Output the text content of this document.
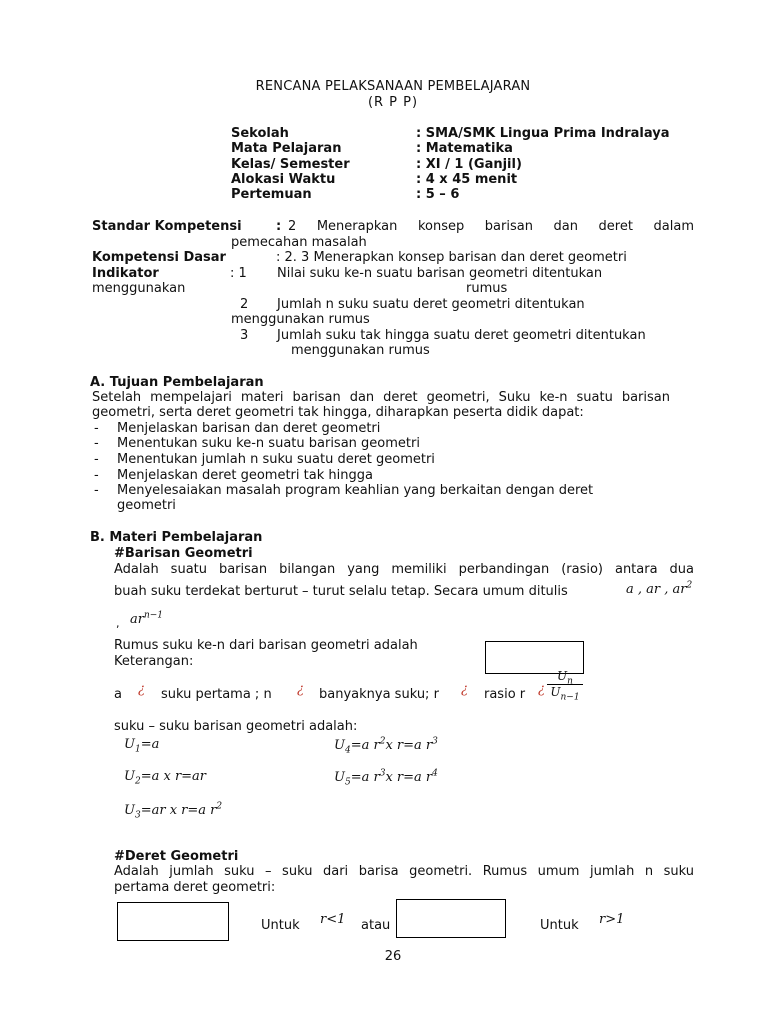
RENCANA PELAKSANAAN PEMBELAJARAN
(R P P)
Sekolah	: SMA/SMK Lingua Prima Indralaya
Mata Pelajaran	: Matematika
Kelas/ Semester	: XI / 1 (Ganjil)
Alokasi Waktu	: 4 x 45 menit
Pertemuan	: 5 – 6
Standar Kompetensi	: 2 Menerapkan konsep barisan dan deret dalam
pemecahan masalah
Kompetensi Dasar	: 2. 3 Menerapkan konsep barisan dan deret geometri
Indikator	: 1 Nilai suku ke-n suatu barisan geometri ditentukan
menggunakan	rumus
2 Jumlah n suku suatu deret geometri ditentukan
menggunakan rumus
3 Jumlah suku tak hingga suatu deret geometri ditentukan
menggunakan rumus
A. Tujuan Pembelajaran
Setelah mempelajari materi barisan dan deret geometri, Suku ke-n suatu barisan
geometri, serta deret geometri tak hingga, diharapkan peserta didik dapat:
- Menjelaskan barisan dan deret geometri
- Menentukan suku ke-n suatu barisan geometri
- Menentukan jumlah n suku suatu deret geometri
- Menjelaskan deret geometri tak hingga
- Menyelesaiakan masalah program keahlian yang berkaitan dengan deret
geometri
B. Materi Pembelajaran
#Barisan Geometri
Adalah suatu barisan bilangan yang memiliki perbandingan (rasio) antara dua
buah suku terdekat berturut – turut selalu tetap. Secara umum ditulis	a , ar , $ar^2$
, $ar^{n-1}$
Rumus suku ke-n dari barisan geometri adalah
Keterangan:
a ¿ suku pertama ; n ¿ banyaknya suku; r ¿ rasio r ¿ $\frac{U_n}{U_{n-1}}$
suku – suku barisan geometri adalah:
$U_1=a$
$U_2=a$ x r=ar
$U_3=ar$ x r=a $r^2$
$U_4=a$ $r^2x$ r=a $r^3$
$U_5=a$ $r^3x$ r=a $r^4$
#Deret Geometri
Adalah jumlah suku – suku dari barisa geometri. Rumus umum jumlah n suku
pertama deret geometri:
Untuk r<1 atau	Untuk r>1
26
